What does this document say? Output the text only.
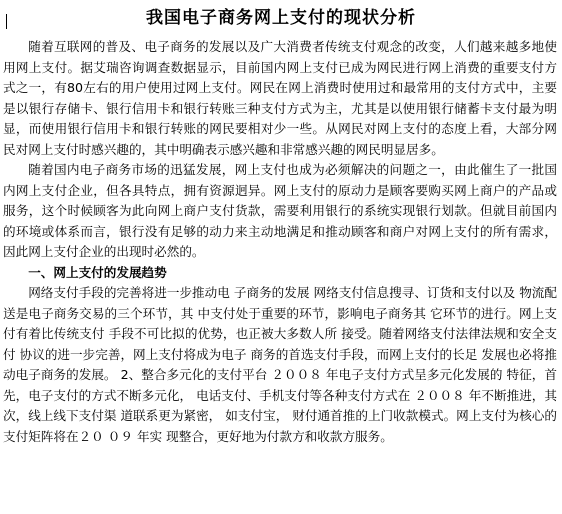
我国电子商务网上支付的现状分析

随着互联网的普及、电子商务的发展以及广大消费者传统支付观念的改变，人们越来越多地使用网上支付。据艾瑞咨询调查数据显示，目前国内网上支付已成为网民进行网上消费的重要支付方式之一，有80左右的用户使用过网上支付。网民在网上消费时使用过和最常用的支付方式中，主要是以银行存储卡、银行信用卡和银行转账三种支付方式为主，尤其是以使用银行储蓄卡支付最为明显，而使用银行信用卡和银行转账的网民要相对少一些。从网民对网上支付的态度上看，大部分网民对网上支付时感兴趣的，其中明确表示感兴趣和非常感兴趣的网民明显居多。

随着国内电子商务市场的迅猛发展，网上支付也成为必须解决的问题之一，由此催生了一批国内网上支付企业，但各具特点，拥有资源迥异。网上支付的原动力是顾客要购买网上商户的产品或服务，这个时候顾客为此向网上商户支付货款，需要利用银行的系统实现银行划款。但就目前国内的环境或体系而言，银行没有足够的动力来主动地满足和推动顾客和商户对网上支付的所有需求，因此网上支付企业的出现时必然的。

一、网上支付的发展趋势

网络支付手段的完善将进一步推动电 子商务的发展 网络支付信息搜寻、订货和支付以及 物流配送是电子商务交易的三个环节，其 中支付处于重要的环节，影响电子商务其 它环节的进行。网上支付有着比传统支付 手段不可比拟的优势，也正被大多数人所 接受。随着网络支付法律法规和安全支付 协议的进一步完善，网上支付将成为电子 商务的首选支付手段，而网上支付的长足 发展也必将推动电子商务的发展。 2、整合多元化的支付平台 ２００８ 年电子支付方式呈多元化发展的 特征，首先，电子支付的方式不断多元化， 电话支付、手机支付等各种支付方式在 ２００８ 年不断推进，其次，线上线下支付渠 道联系更为紧密， 如支付宝， 财付通首推的上门收款模式。网上支付为核心的支付矩阵将在２０ ０９ 年实 现整合，更好地为付款方和收款方服务。
